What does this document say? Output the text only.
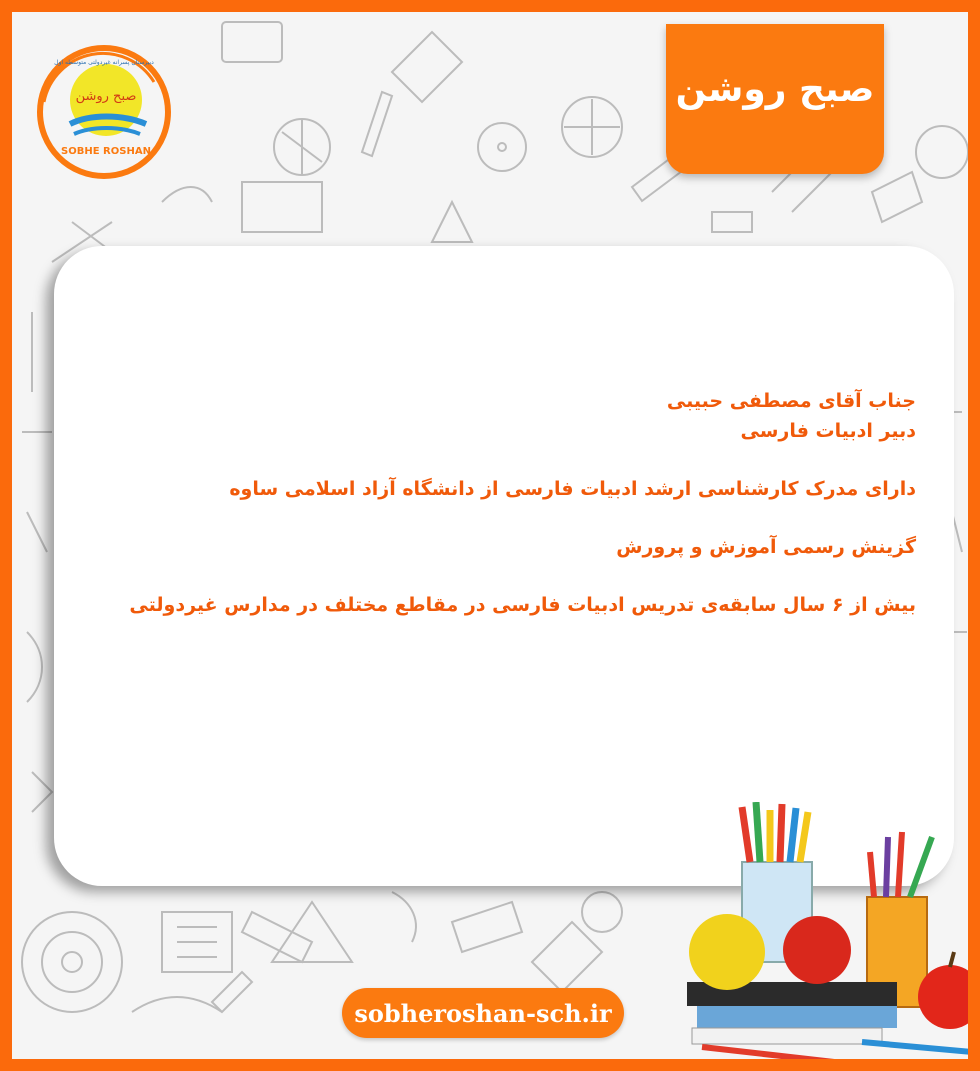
صبح روشن
SOBHE ROSHAN
دبیرستان پسرانه غیردولتی متوسطه اول
صبح روشن

جناب آقای مصطفی حبیبی

دبیر ادبیات فارسی

دارای مدرک کارشناسی ارشد ادبیات فارسی از دانشگاه آزاد اسلامی ساوه

گزینش رسمی آموزش و پرورش

بیش از ۶ سال سابقه‌ی تدریس ادبیات فارسی در مقاطع مختلف در مدارس غیردولتی

sobheroshan-sch.ir
